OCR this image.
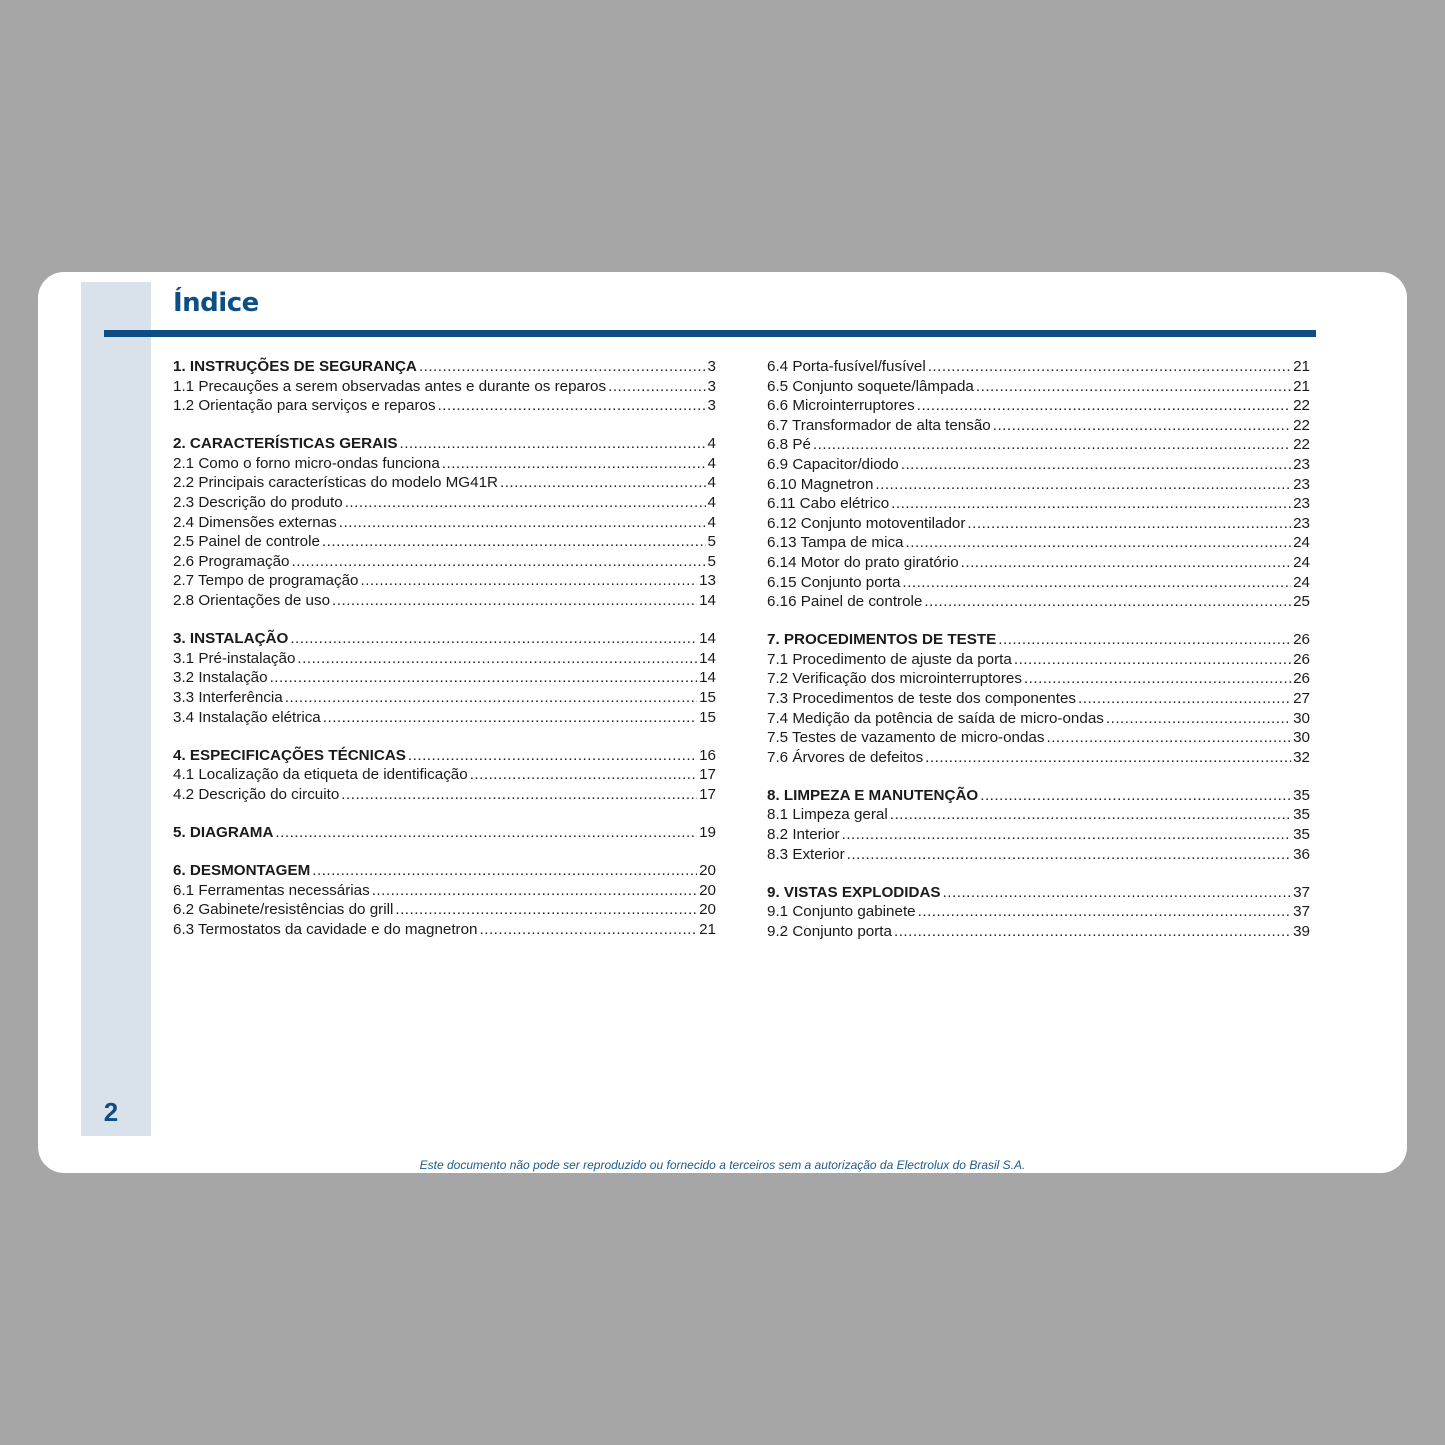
2
Índice
1. INSTRUÇÕES DE SEGURANÇA .....	3
1.1 Precauções a serem observadas antes e durante os reparos .....	3
1.2 Orientação para serviços e reparos .....	3
2. CARACTERÍSTICAS GERAIS .....	4
2.1 Como o forno micro-ondas funciona .....	4
2.2 Principais características do modelo MG41R .....	4
2.3 Descrição do produto .....	4
2.4 Dimensões externas .....	4
2.5 Painel de controle .....	5
2.6 Programação .....	5
2.7 Tempo de programação .....	13
2.8 Orientações de uso .....	14
3. INSTALAÇÃO .....	14
3.1 Pré-instalação .....	14
3.2 Instalação .....	14
3.3 Interferência .....	15
3.4 Instalação elétrica .....	15
4. ESPECIFICAÇÕES TÉCNICAS .....	16
4.1 Localização da etiqueta de identificação .....	17
4.2 Descrição do circuito .....	17
5. DIAGRAMA .....	19
6. DESMONTAGEM .....	20
6.1 Ferramentas necessárias .....	20
6.2 Gabinete/resistências do grill .....	20
6.3 Termostatos da cavidade e do magnetron .....	21
6.4 Porta-fusível/fusível .....	21
6.5 Conjunto soquete/lâmpada .....	21
6.6 Microinterruptores .....	22
6.7 Transformador de alta tensão .....	22
6.8 Pé .....	22
6.9 Capacitor/diodo .....	23
6.10 Magnetron .....	23
6.11 Cabo elétrico .....	23
6.12 Conjunto motoventilador .....	23
6.13 Tampa de mica .....	24
6.14 Motor do prato giratório .....	24
6.15 Conjunto porta .....	24
6.16 Painel de controle .....	25
7. PROCEDIMENTOS DE TESTE .....	26
7.1 Procedimento de ajuste da porta .....	26
7.2 Verificação dos microinterruptores .....	26
7.3 Procedimentos de teste dos componentes .....	27
7.4 Medição da potência de saída de micro-ondas .....	30
7.5 Testes de vazamento de micro-ondas .....	30
7.6 Árvores de defeitos .....	32
8. LIMPEZA E MANUTENÇÃO .....	35
8.1 Limpeza geral .....	35
8.2 Interior .....	35
8.3 Exterior .....	36
9. VISTAS EXPLODIDAS .....	37
9.1 Conjunto gabinete .....	37
9.2 Conjunto porta .....	39
Este documento não pode ser reproduzido ou fornecido a terceiros sem a autorização da Electrolux do Brasil S.A.
